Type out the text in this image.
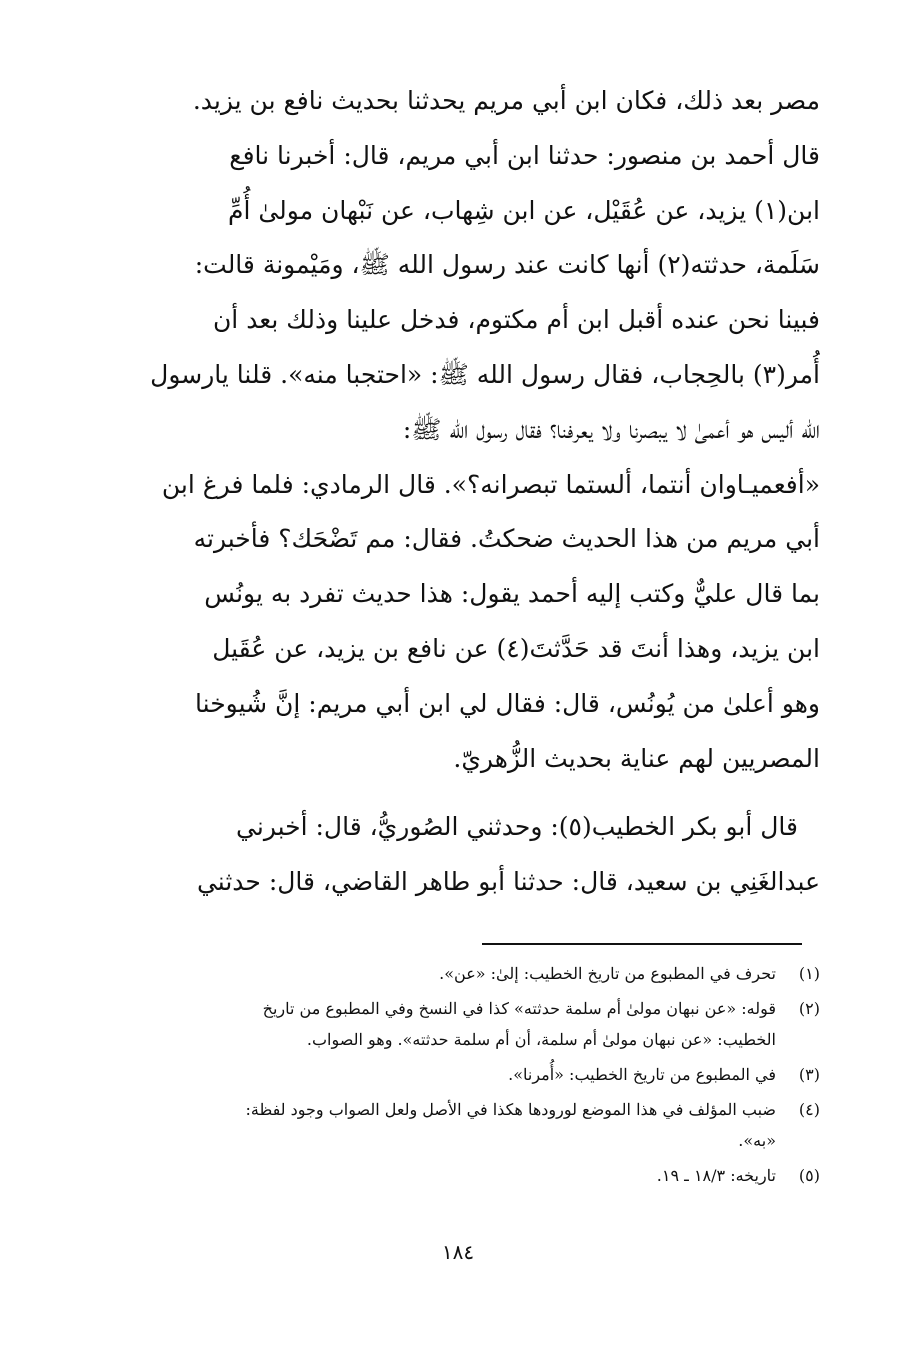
مصر بعد ذلك، فكان ابن أبي مريم يحدثنا بحديث نافع بن يزيد.
قال أحمد بن منصور: حدثنا ابن أبي مريم، قال: أخبرنا نافع
ابن(١) يزيد، عن عُقَيْل، عن ابن شِهاب، عن نَبْهان مولىٰ أُمِّ
سَلَمة، حدثته(٢) أنها كانت عند رسول الله ﷺ، ومَيْمونة قالت:
فبينا نحن عنده أقبل ابن أم مكتوم، فدخل علينا وذلك بعد أن
أُمر(٣) بالحِجاب، فقال رسول الله ﷺ: «احتجبا منه». قلنا يارسول
الله أليس هو أعمىٰ لا يبصرنا ولا يعرفنا؟ فقال رسول الله ﷺ:
«أفعميـاوان أنتما، ألستما تبصرانه؟». قال الرمادي: فلما فرغ ابن
أبي مريم من هذا الحديث ضحكتُ. فقال: مم تَضْحَك؟ فأخبرته
بما قال عليٌّ وكتب إليه أحمد يقول: هذا حديث تفرد به يونُس
ابن يزيد، وهذا أنتَ قد حَدَّثتَ(٤) عن نافع بن يزيد، عن عُقَيل
وهو أعلىٰ من يُونُس، قال: فقال لي ابن أبي مريم: إنَّ شُيوخنا
المصريين لهم عناية بحديث الزُّهريّ.
قال أبو بكر الخطيب(٥): وحدثني الصُوريُّ، قال: أخبرني
عبدالغَنِي بن سعيد، قال: حدثنا أبو طاهر القاضي، قال: حدثني
(١)
تحرف في المطبوع من تاريخ الخطيب: إلىٰ: «عن».
(٢)
قوله: «عن نبهان مولىٰ أم سلمة حدثته» كذا في النسخ وفي المطبوع من تاريخ
الخطيب: «عن نبهان مولىٰ أم سلمة، أن أم سلمة حدثته». وهو الصواب.
(٣)
في المطبوع من تاريخ الخطيب: «أُمرنا».
(٤)
ضبب المؤلف في هذا الموضع لورودها هكذا في الأصل ولعل الصواب وجود لفظة:
«به».
(٥)
تاريخه: ١٨/٣ ـ ١٩.
١٨٤
